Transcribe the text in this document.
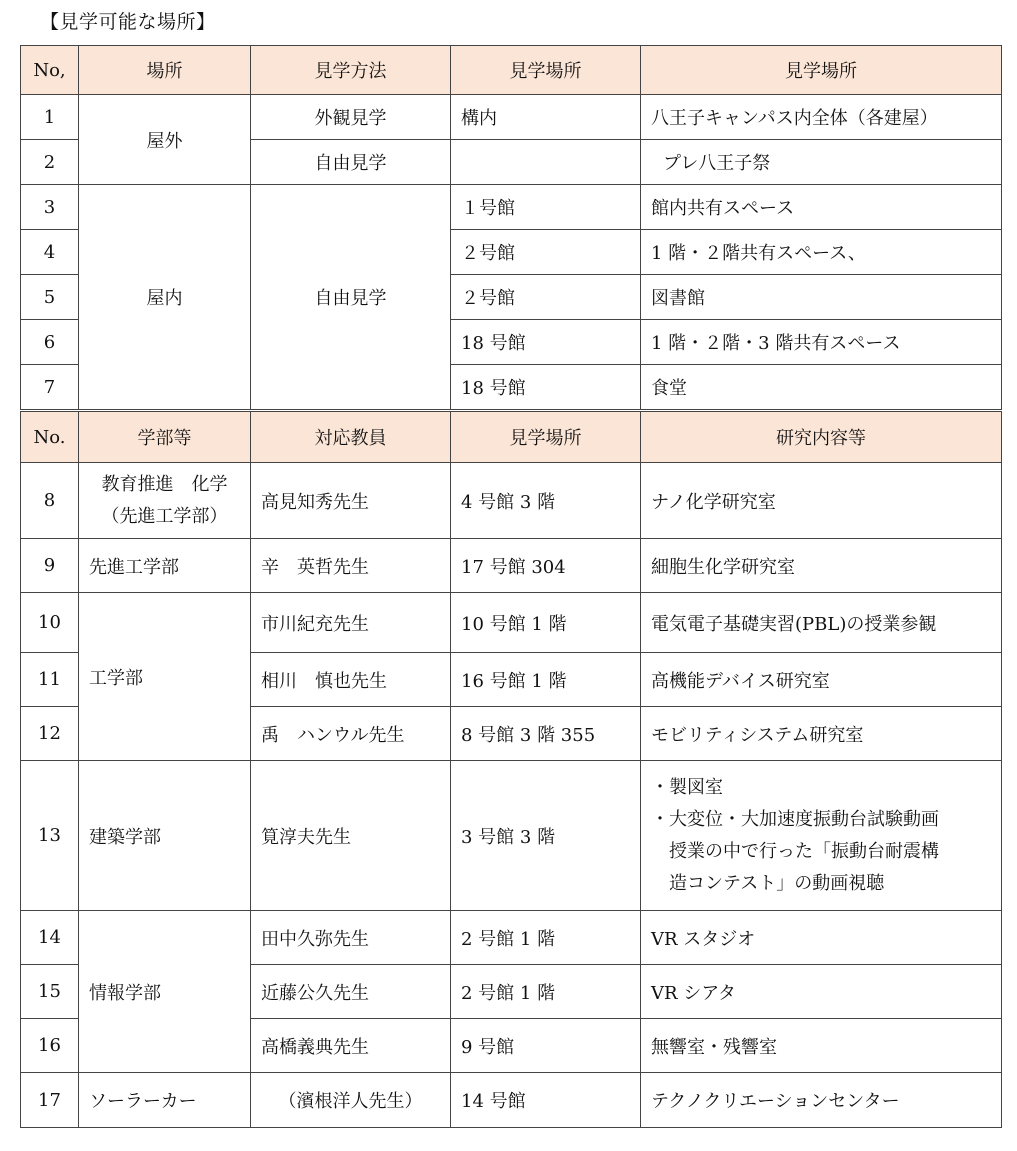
【見学可能な場所】
No,	場所	見学方法	見学場所	見学場所
1	屋外	外観見学	構内	八王子キャンパス内全体（各建屋）
2		自由見学		プレ八王子祭
3	屋内	自由見学	１号館	館内共有スペース
4			２号館	1 階・２階共有スペース、
5			２号館	図書館
6			18 号館	1 階・２階・3 階共有スペース
7			18 号館	食堂
No.	学部等	対応教員	見学場所	研究内容等
8	教育推進　化学
（先進工学部）	高見知秀先生	4 号館 3 階	ナノ化学研究室
9	先進工学部	辛　英哲先生	17 号館 304	細胞生化学研究室
10	工学部	市川紀充先生	10 号館 1 階	電気電子基礎実習(PBL)の授業参観
11		相川　慎也先生	16 号館 1 階	高機能デバイス研究室
12		禹　ハンウル先生	8 号館 3 階 355	モビリティシステム研究室
13	建築学部	筧淳夫先生	3 号館 3 階	・製図室
・大変位・大加速度振動台試験動画
授業の中で行った「振動台耐震構
造コンテスト」の動画視聴

14	情報学部	田中久弥先生	2 号館 1 階	VR スタジオ
15		近藤公久先生	2 号館 1 階	VR シアタ
16		高橋義典先生	9 号館	無響室・残響室
17	ソーラーカー	（濱根洋人先生）	14 号館	テクノクリエーションセンター
